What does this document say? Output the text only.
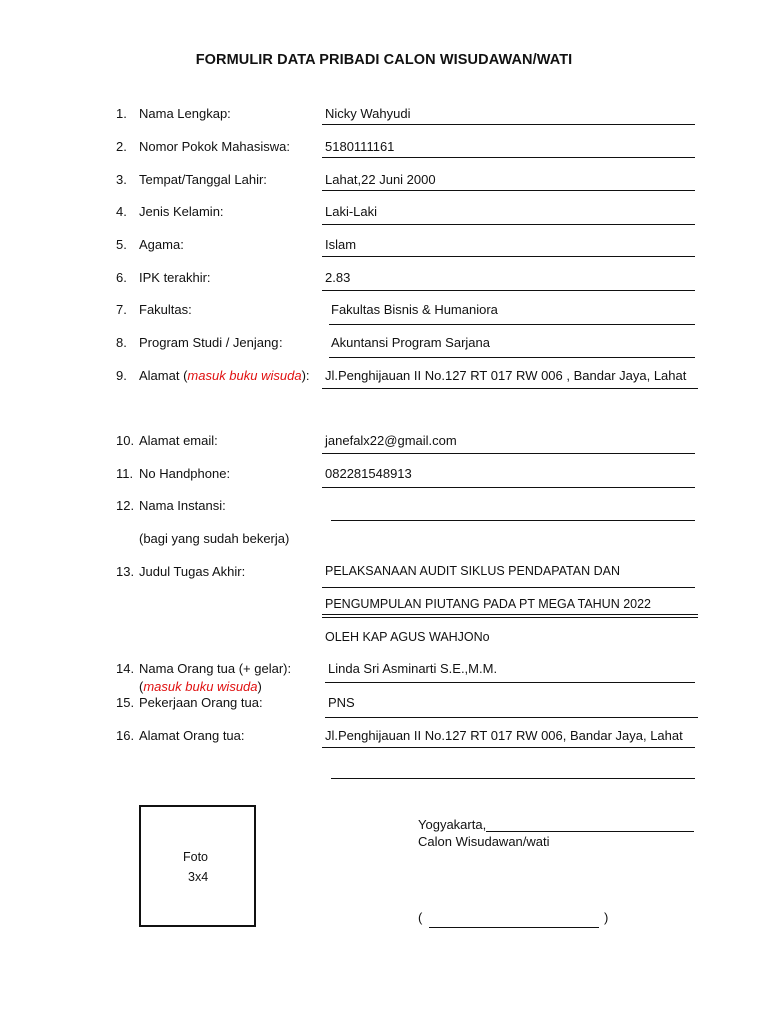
FORMULIR DATA PRIBADI CALON WISUDAWAN/WATI
1. Nama Lengkap:	Nicky Wahyudi
2. Nomor Pokok Mahasiswa:	5180111161
3. Tempat/Tanggal Lahir:	Lahat,22 Juni 2000
4. Jenis Kelamin:	Laki-Laki
5. Agama:	Islam
6. IPK terakhir:	2.83
7. Fakultas:	Fakultas Bisnis & Humaniora
8. Program Studi / Jenjang :	Akuntansi Program Sarjana
9. Alamat (masuk buku wisuda): Jl.Penghijauan II No.127 RT 017 RW 006 , Bandar Jaya, Lahat
10. Alamat email:	janefalx22@gmail.com
11. No Handphone:	082281548913
12. Nama Instansi:
(bagi yang sudah bekerja)
13. Judul Tugas Akhir:	PELAKSANAAN AUDIT SIKLUS PENDAPATAN DAN
PENGUMPULAN PIUTANG PADA PT MEGA TAHUN 2022
OLEH KAP AGUS WAHJONo
14. Nama Orang tua (+ gelar):	Linda Sri Asminarti S.E.,M.M.
(masuk buku wisuda)
15. Pekerjaan Orang tua:	PNS
16. Alamat Orang tua:	Jl.Penghijauan II No.127 RT 017 RW 006, Bandar Jaya, Lahat
Foto
3x4
Yogyakarta,
Calon Wisudawan/wati
(	)
